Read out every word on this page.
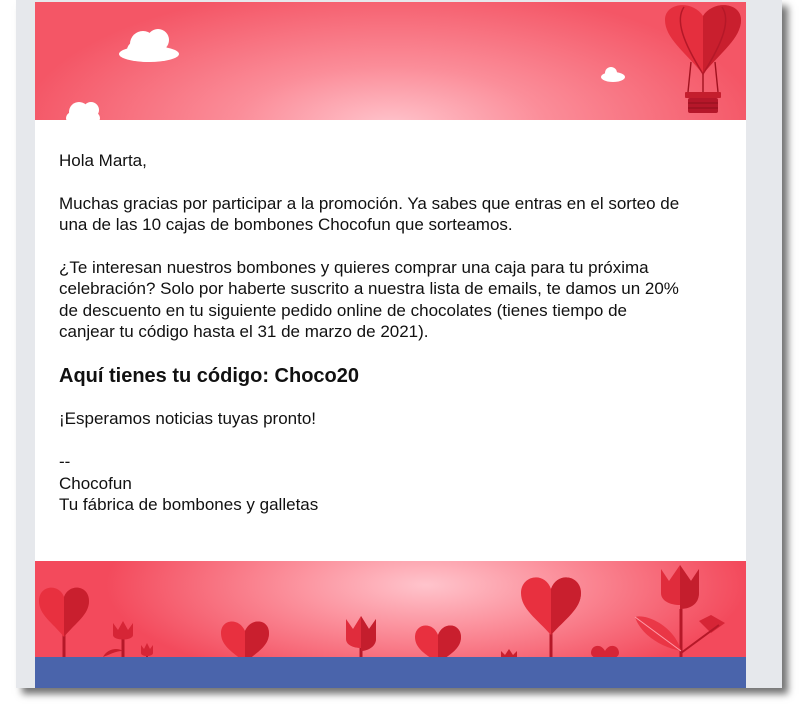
Hola Marta,

Muchas gracias por participar a la promoción. Ya sabes que entras en el sorteo de
una de las 10 cajas de bombones Chocofun que sorteamos.

¿Te interesan nuestros bombones y quieres comprar una caja para tu próxima
celebración? Solo por haberte suscrito a nuestra lista de emails, te damos un 20%
de descuento en tu siguiente pedido online de chocolates (tienes tiempo de
canjear tu código hasta el 31 de marzo de 2021).

Aquí tienes tu código: Choco20

¡Esperamos noticias tuyas pronto!

--

Chocofun

Tu fábrica de bombones y galletas
